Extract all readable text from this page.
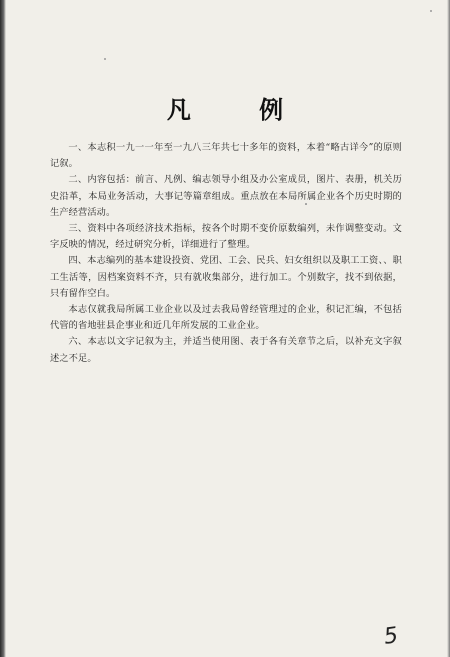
凡 例

一、本志积一九一一年至一九八三年共七十多年的资料，本着“略古详今”的原则记叙。

二、内容包括：前言、凡例、编志领导小组及办公室成员，图片、表册，机关历史沿革，本局业务活动，大事记等篇章组成。重点放在本局所属企业各个历史时期的生产经营活动。

三、资料中各项经济技术指标，按各个时期不变价原数编列，未作调整变动。文字反映的情况，经过研究分析，详细进行了整理。

四、本志编列的基本建设投资、党团、工会、民兵、妇女组织以及职工工资、、职工生活等，因档案资料不齐，只有就收集部分，进行加工。个别数字，找不到依据，只有留作空白。

本志仅就我局所属工业企业以及过去我局曾经管理过的企业，积记汇编，不包括代管的省地驻县企事业和近几年所发展的工业企业。

六、本志以文字记叙为主，并适当使用图、表于各有关章节之后，以补充文字叙述之不足。

5
